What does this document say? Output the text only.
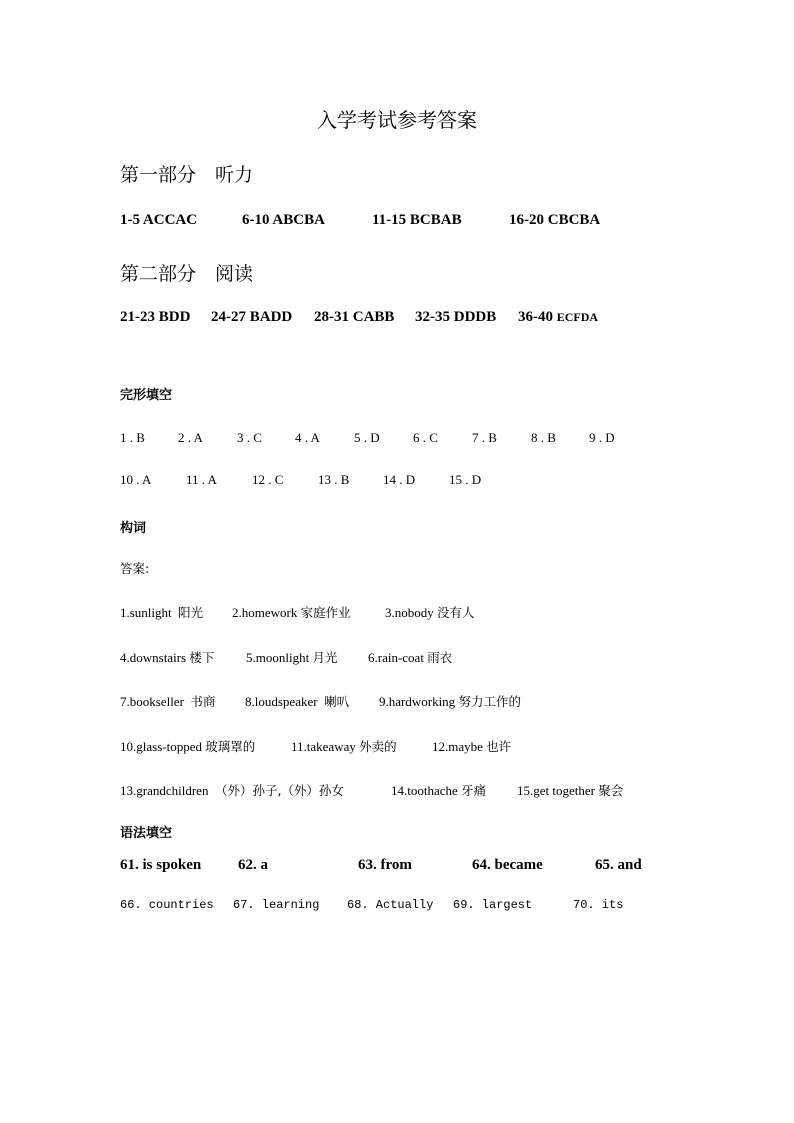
入学考试参考答案
第一部分　听力
1-5 ACCAC	6-10 ABCBA	11-15 BCBAB	16-20 CBCBA
第二部分　阅读
21-23 BDD 24-27 BADD 28-31 CABB 32-35 DDDB 36-40 ECFDA
完形填空
1 . B	2 . A	3 . C	4 . A	5 . D	6 . C	7 . B	8 . B	9 . D
10 . A	11 . A	12 . C	13 . B	14 . D	15 . D
构词
答案:
1.sunlight 阳光 2.homework 家庭作业	3.nobody 没有人
4.downstairs 楼下 5.moonlight 月光 6.rain-coat 雨衣
7.bookseller 书商 8.loudspeaker 喇叭 9.hardworking 努力工作的
10.glass-topped 玻璃罩的	11.takeaway 外卖的	12.maybe 也许
13.grandchildren （外）孙子,（外）孙女	14.toothache 牙痛 15.get together 聚会
语法填空
61. is spoken 62. a	63. from	64. became	65. and
66. countries 67. learning 68. Actually 69. largest	70. its
